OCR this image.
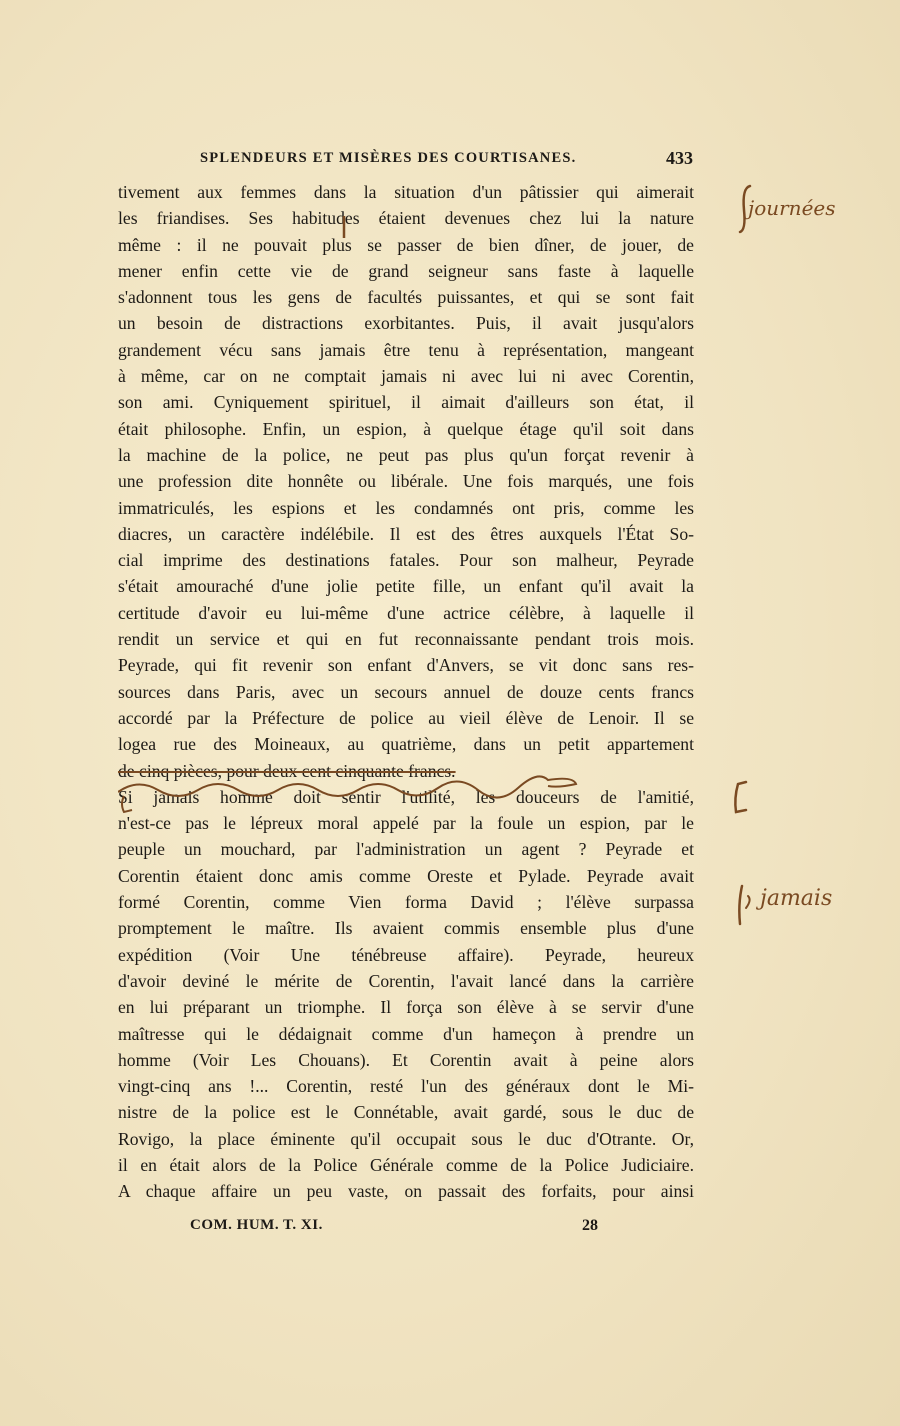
SPLENDEURS ET MISÈRES DES COURTISANES.	433
tivement aux femmes dans la situation d'un pâtissier qui aimerait
les friandises. Ses habitudes étaient devenues chez lui la nature
même : il ne pouvait plus se passer de bien dîner, de jouer, de
mener enfin cette vie de grand seigneur sans faste à laquelle
s'adonnent tous les gens de facultés puissantes, et qui se sont fait
un besoin de distractions exorbitantes. Puis, il avait jusqu'alors
grandement vécu sans jamais être tenu à représentation, mangeant
à même, car on ne comptait jamais ni avec lui ni avec Corentin,
son ami. Cyniquement spirituel, il aimait d'ailleurs son état, il
était philosophe. Enfin, un espion, à quelque étage qu'il soit dans
la machine de la police, ne peut pas plus qu'un forçat revenir à
une profession dite honnête ou libérale. Une fois marqués, une fois
immatriculés, les espions et les condamnés ont pris, comme les
diacres, un caractère indélébile. Il est des êtres auxquels l'État So-
cial imprime des destinations fatales. Pour son malheur, Peyrade
s'était amouraché d'une jolie petite fille, un enfant qu'il avait la
certitude d'avoir eu lui-même d'une actrice célèbre, à laquelle il
rendit un service et qui en fut reconnaissante pendant trois mois.
Peyrade, qui fit revenir son enfant d'Anvers, se vit donc sans res-
sources dans Paris, avec un secours annuel de douze cents francs
accordé par la Préfecture de police au vieil élève de Lenoir. Il se
logea rue des Moineaux, au quatrième, dans un petit appartement
de cinq pièces, pour deux cent cinquante francs.
Si jamais homme doit sentir l'utilité, les douceurs de l'amitié,
n'est-ce pas le lépreux moral appelé par la foule un espion, par le
peuple un mouchard, par l'administration un agent ? Peyrade et
Corentin étaient donc amis comme Oreste et Pylade. Peyrade avait
formé Corentin, comme Vien forma David ; l'élève surpassa
promptement le maître. Ils avaient commis ensemble plus d'une
expédition (Voir Une ténébreuse affaire). Peyrade, heureux
d'avoir deviné le mérite de Corentin, l'avait lancé dans la carrière
en lui préparant un triomphe. Il força son élève à se servir d'une
maîtresse qui le dédaignait comme d'un hameçon à prendre un
homme (Voir Les Chouans). Et Corentin avait à peine alors
vingt-cinq ans !... Corentin, resté l'un des généraux dont le Mi-
nistre de la police est le Connétable, avait gardé, sous le duc de
Rovigo, la place éminente qu'il occupait sous le duc d'Otrante. Or,
il en était alors de la Police Générale comme de la Police Judiciaire.
A chaque affaire un peu vaste, on passait des forfaits, pour ainsi
journées
jamais
COM. HUM. T. XI.	28
